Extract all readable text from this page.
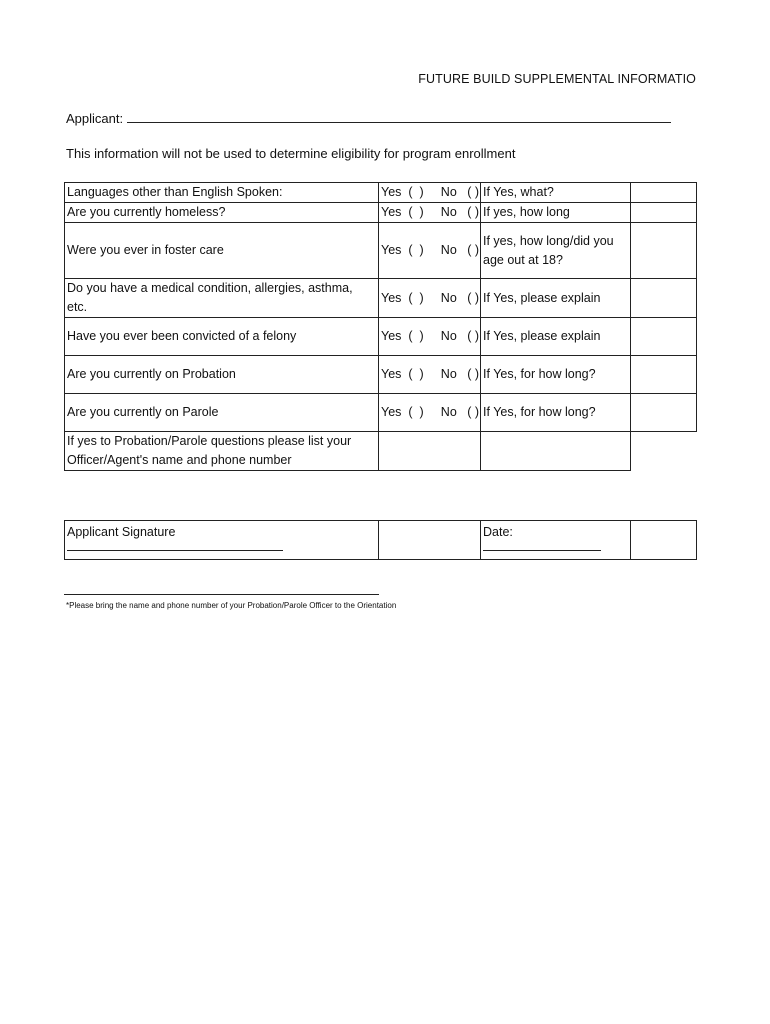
FUTURE BUILD SUPPLEMENTAL INFORMATIO
Applicant:
This information will not be used to determine eligibility for program enrollment
Languages other than English Spoken:	Yes  (  ) No   ( )	If Yes, what?	
Are you currently homeless?	Yes  (  ) No   ( )	If yes, how long	
Were you ever in foster care	Yes  (  ) No   ( )	If yes, how long/did you age out at 18?	
Do you have a medical condition, allergies, asthma, etc.	Yes  (  ) No   ( )	If Yes, please explain	
Have you ever been convicted of a felony	Yes  (  ) No   ( )	If Yes, please explain	
Are you currently on Probation	Yes  (  ) No   ( )	If Yes, for how long?	
Are you currently on Parole	Yes  (  ) No   ( )	If Yes, for how long?	
If yes to Probation/Parole questions please list your Officer/Agent's name and phone number			
Applicant Signature		Date:

*Please bring the name and phone number of your Probation/Parole Officer to the Orientation
